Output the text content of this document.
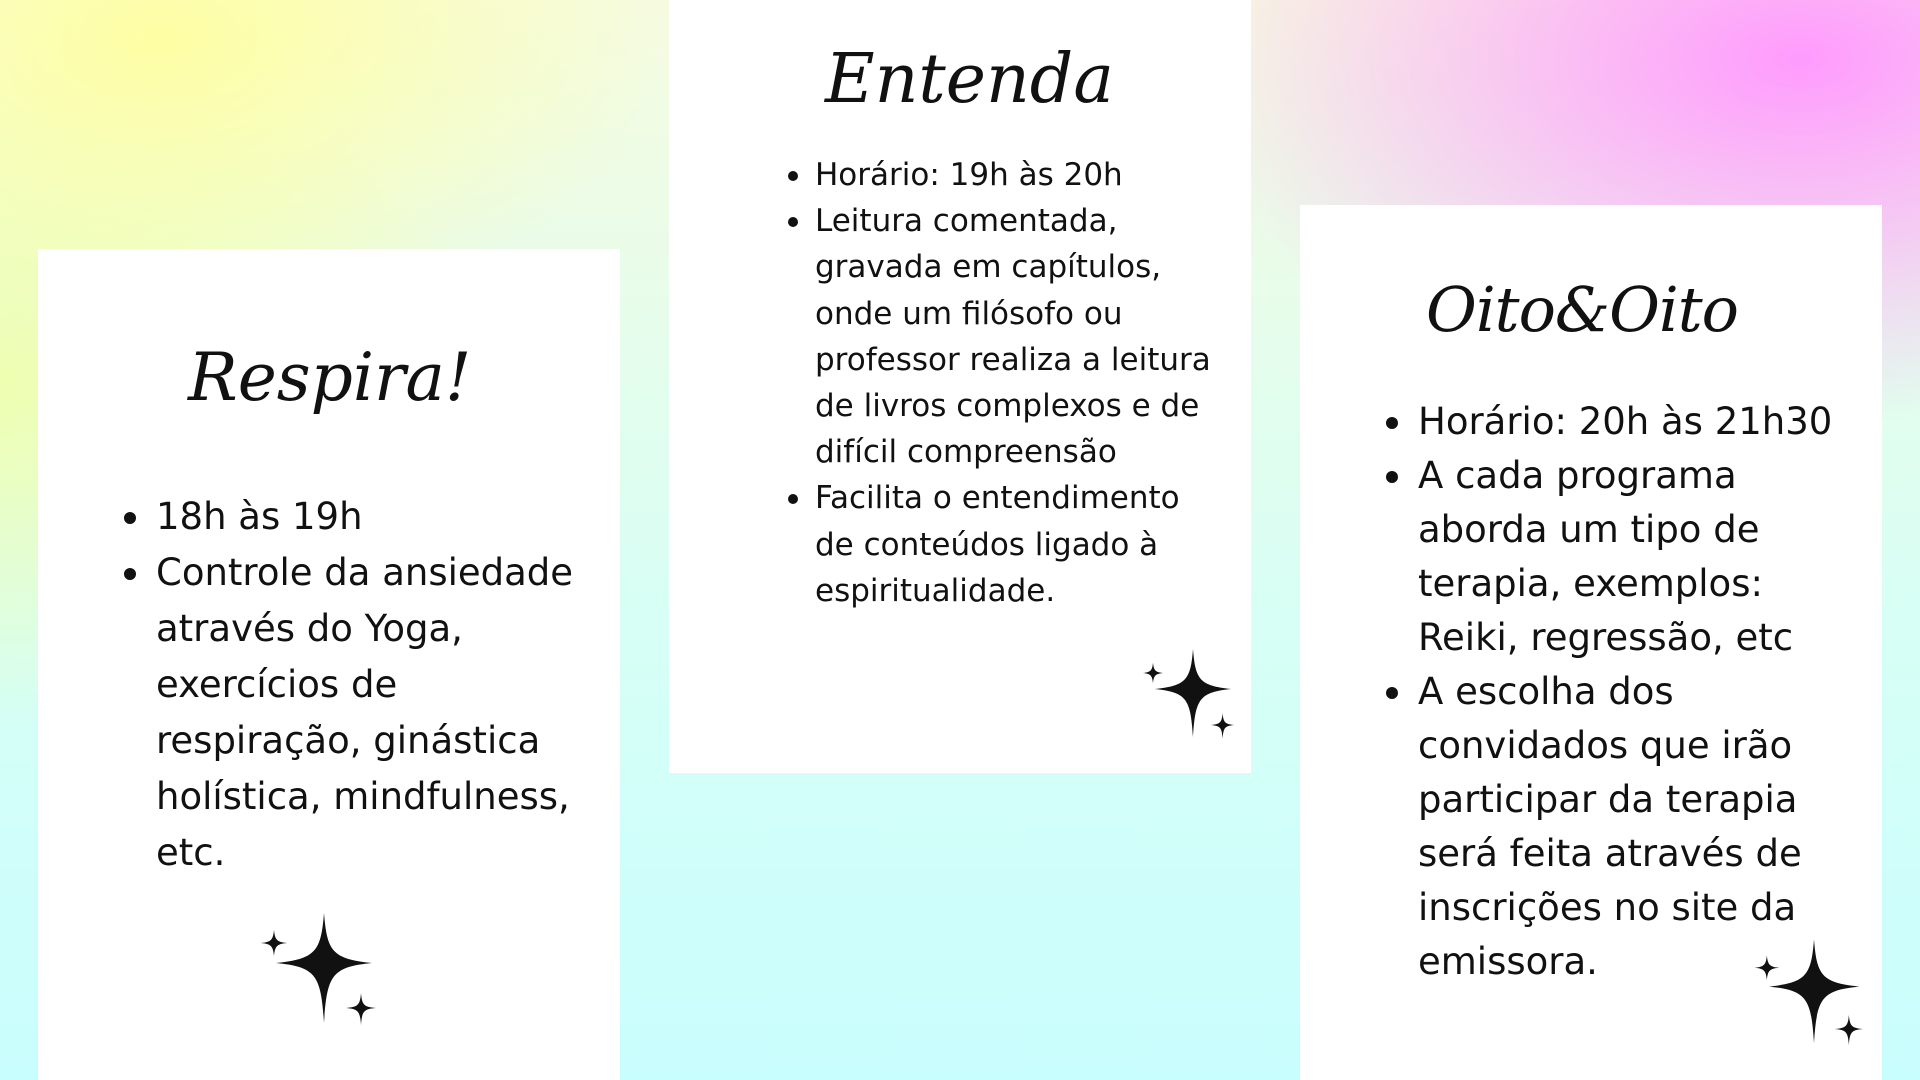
Respira!
18h às 19h
Controle da ansiedade através do Yoga, exercícios de respiração, ginástica holística, mindfulness, etc.
Entenda
Horário: 19h às 20h
Leitura comentada, gravada em capítulos, onde um filósofo ou professor realiza a leitura de livros complexos e de difícil compreensão
Facilita o entendimento de conteúdos ligado à espiritualidade.
Oito&Oito
Horário: 20h às 21h30
A cada programa aborda um tipo de terapia, exemplos: Reiki, regressão, etc
A escolha dos convidados que irão participar da terapia será feita através de inscrições no site da emissora.
